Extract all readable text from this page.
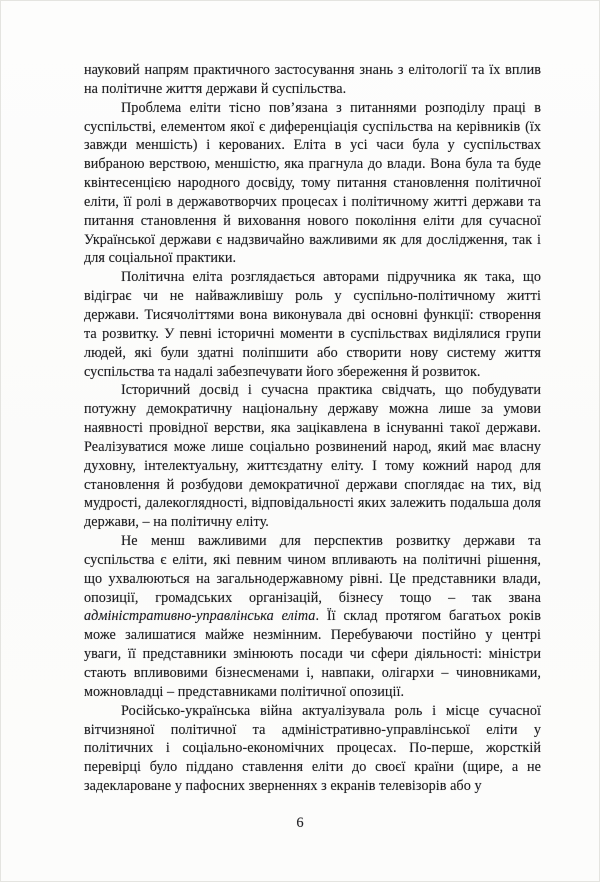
науковий напрям практичного застосування знань з елітології та їх вплив на політичне життя держави й суспільства.

Проблема еліти тісно пов’язана з питаннями розподілу праці в суспільстві, елементом якої є диференціація суспільства на керівників (їх завжди меншість) і керованих. Еліта в усі часи була у суспільствах вибраною верствою, меншістю, яка прагнула до влади. Вона була та буде квінтесенцією народного досвіду, тому питання становлення політичної еліти, її ролі в державотворчих процесах і політичному житті держави та питання становлення й виховання нового покоління еліти для сучасної Української держави є надзвичайно важливими як для дослідження, так і для соціальної практики.

Політична еліта розглядається авторами підручника як така, що відіграє чи не найважливішу роль у суспільно-політичному житті держави. Тисячоліттями вона виконувала дві основні функції: створення та розвитку. У певні історичні моменти в суспільствах виділялися групи людей, які були здатні поліпшити або створити нову систему життя суспільства та надалі забезпечувати його збереження й розвиток.

Історичний досвід і сучасна практика свідчать, що побудувати потужну демократичну національну державу можна лише за умови наявності провідної верстви, яка зацікавлена в існуванні такої держави. Реалізуватися може лише соціально розвинений народ, який має власну духовну, інтелектуальну, життєздатну еліту. І тому кожний народ для становлення й розбудови демократичної держави споглядає на тих, від мудрості, далекоглядності, відповідальності яких залежить подальша доля держави, – на політичну еліту.

Не менш важливими для перспектив розвитку держави та суспільства є еліти, які певним чином впливають на політичні рішення, що ухвалюються на загальнодержавному рівні. Це представники влади, опозиції, громадських організацій, бізнесу тощо – так звана адміністративно-управлінська еліта. Її склад протягом багатьох років може залишатися майже незмінним. Перебуваючи постійно у центрі уваги, її представники змінюють посади чи сфери діяльності: міністри стають впливовими бізнесменами і, навпаки, олігархи – чиновниками, можновладці – представниками політичної опозиції.

Російсько-українська війна актуалізувала роль і місце сучасної вітчизняної політичної та адміністративно-управлінської еліти у політичних і соціально-економічних процесах. По-перше, жорсткій перевірці було піддано ставлення еліти до своєї країни (щире, а не задеклароване у пафосних зверненнях з екранів телевізорів або у

6
